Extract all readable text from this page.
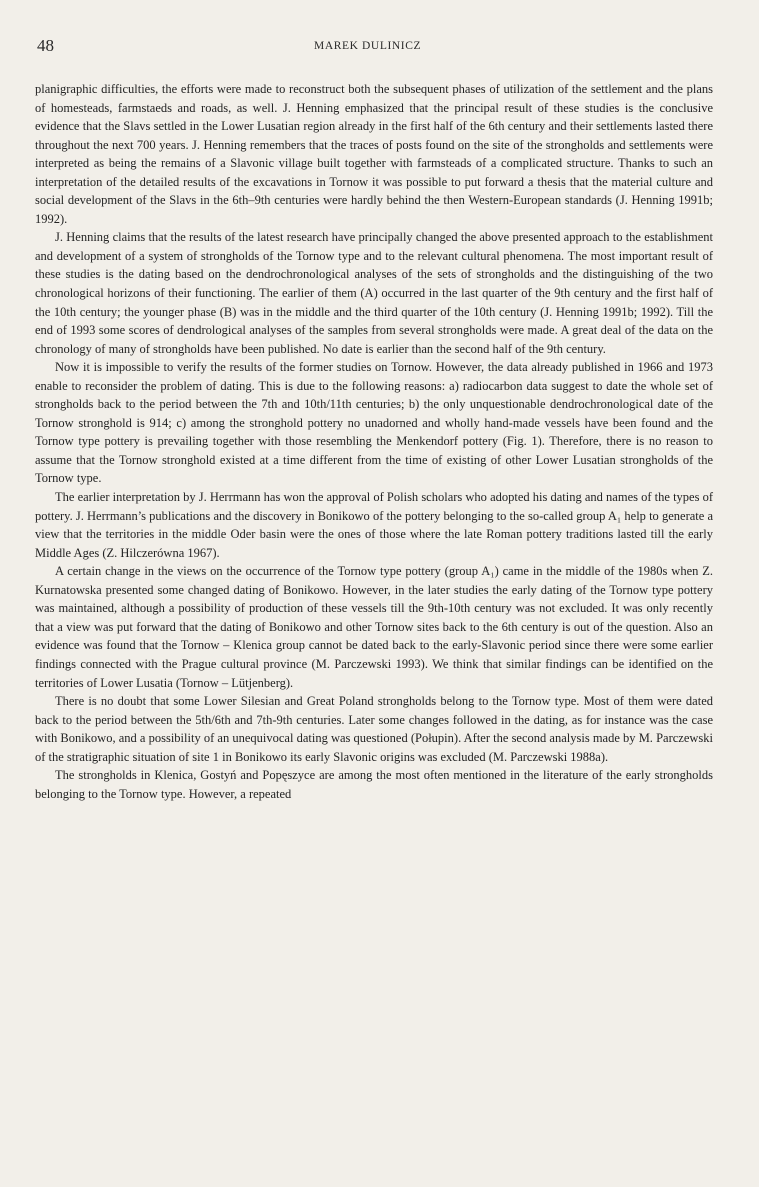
48	MAREK DULINICZ

planigraphic difficulties, the efforts were made to reconstruct both the subsequent phases of utilization of the settlement and the plans of homesteads, farmstaeds and roads, as well. J. Henning emphasized that the principal result of these studies is the conclusive evidence that the Slavs settled in the Lower Lusatian region already in the first half of the 6th century and their settlements lasted there throughout the next 700 years. J. Henning remembers that the traces of posts found on the site of the strongholds and settlements were interpreted as being the remains of a Slavonic village built together with farmsteads of a complicated structure. Thanks to such an interpretation of the detailed results of the excavations in Tornow it was possible to put forward a thesis that the material culture and social development of the Slavs in the 6th–9th centuries were hardly behind the then Western-European standards (J. Henning 1991b; 1992).

J. Henning claims that the results of the latest research have principally changed the above presented approach to the establishment and development of a system of strongholds of the Tornow type and to the relevant cultural phenomena. The most important result of these studies is the dating based on the dendrochronological analyses of the sets of strongholds and the distinguishing of the two chronological horizons of their functioning. The earlier of them (A) occurred in the last quarter of the 9th century and the first half of the 10th century; the younger phase (B) was in the middle and the third quarter of the 10th century (J. Henning 1991b; 1992). Till the end of 1993 some scores of dendrological analyses of the samples from several strongholds were made. A great deal of the data on the chronology of many of strongholds have been published. No date is earlier than the second half of the 9th century.

Now it is impossible to verify the results of the former studies on Tornow. However, the data already published in 1966 and 1973 enable to reconsider the problem of dating. This is due to the following reasons: a) radiocarbon data suggest to date the whole set of strongholds back to the period between the 7th and 10th/11th centuries; b) the only unquestionable dendrochronological date of the Tornow stronghold is 914; c) among the stronghold pottery no unadorned and wholly hand-made vessels have been found and the Tornow type pottery is prevailing together with those resembling the Menkendorf pottery (Fig. 1). Therefore, there is no reason to assume that the Tornow stronghold existed at a time different from the time of existing of other Lower Lusatian strongholds of the Tornow type.

The earlier interpretation by J. Herrmann has won the approval of Polish scholars who adopted his dating and names of the types of pottery. J. Herrmann’s publications and the discovery in Bonikowo of the pottery belonging to the so-called group A₁ help to generate a view that the territories in the middle Oder basin were the ones of those where the late Roman pottery traditions lasted till the early Middle Ages (Z. Hilczerówna 1967).

A certain change in the views on the occurrence of the Tornow type pottery (group A₁) came in the middle of the 1980s when Z. Kurnatowska presented some changed dating of Bonikowo. However, in the later studies the early dating of the Tornow type pottery was maintained, although a possibility of production of these vessels till the 9th-10th century was not excluded. It was only recently that a view was put forward that the dating of Bonikowo and other Tornow sites back to the 6th century is out of the question. Also an evidence was found that the Tornow – Klenica group cannot be dated back to the early-Slavonic period since there were some earlier findings connected with the Prague cultural province (M. Parczewski 1993). We think that similar findings can be identified on the territories of Lower Lusatia (Tornow – Lütjenberg).

There is no doubt that some Lower Silesian and Great Poland strongholds belong to the Tornow type. Most of them were dated back to the period between the 5th/6th and 7th-9th centuries. Later some changes followed in the dating, as for instance was the case with Bonikowo, and a possibility of an unequivocal dating was questioned (Połupin). After the second analysis made by M. Parczewski of the stratigraphic situation of site 1 in Bonikowo its early Slavonic origins was excluded (M. Parczewski 1988a).

The strongholds in Klenica, Gostyń and Popęszyce are among the most often mentioned in the literature of the early strongholds belonging to the Tornow type. However, a repeated
